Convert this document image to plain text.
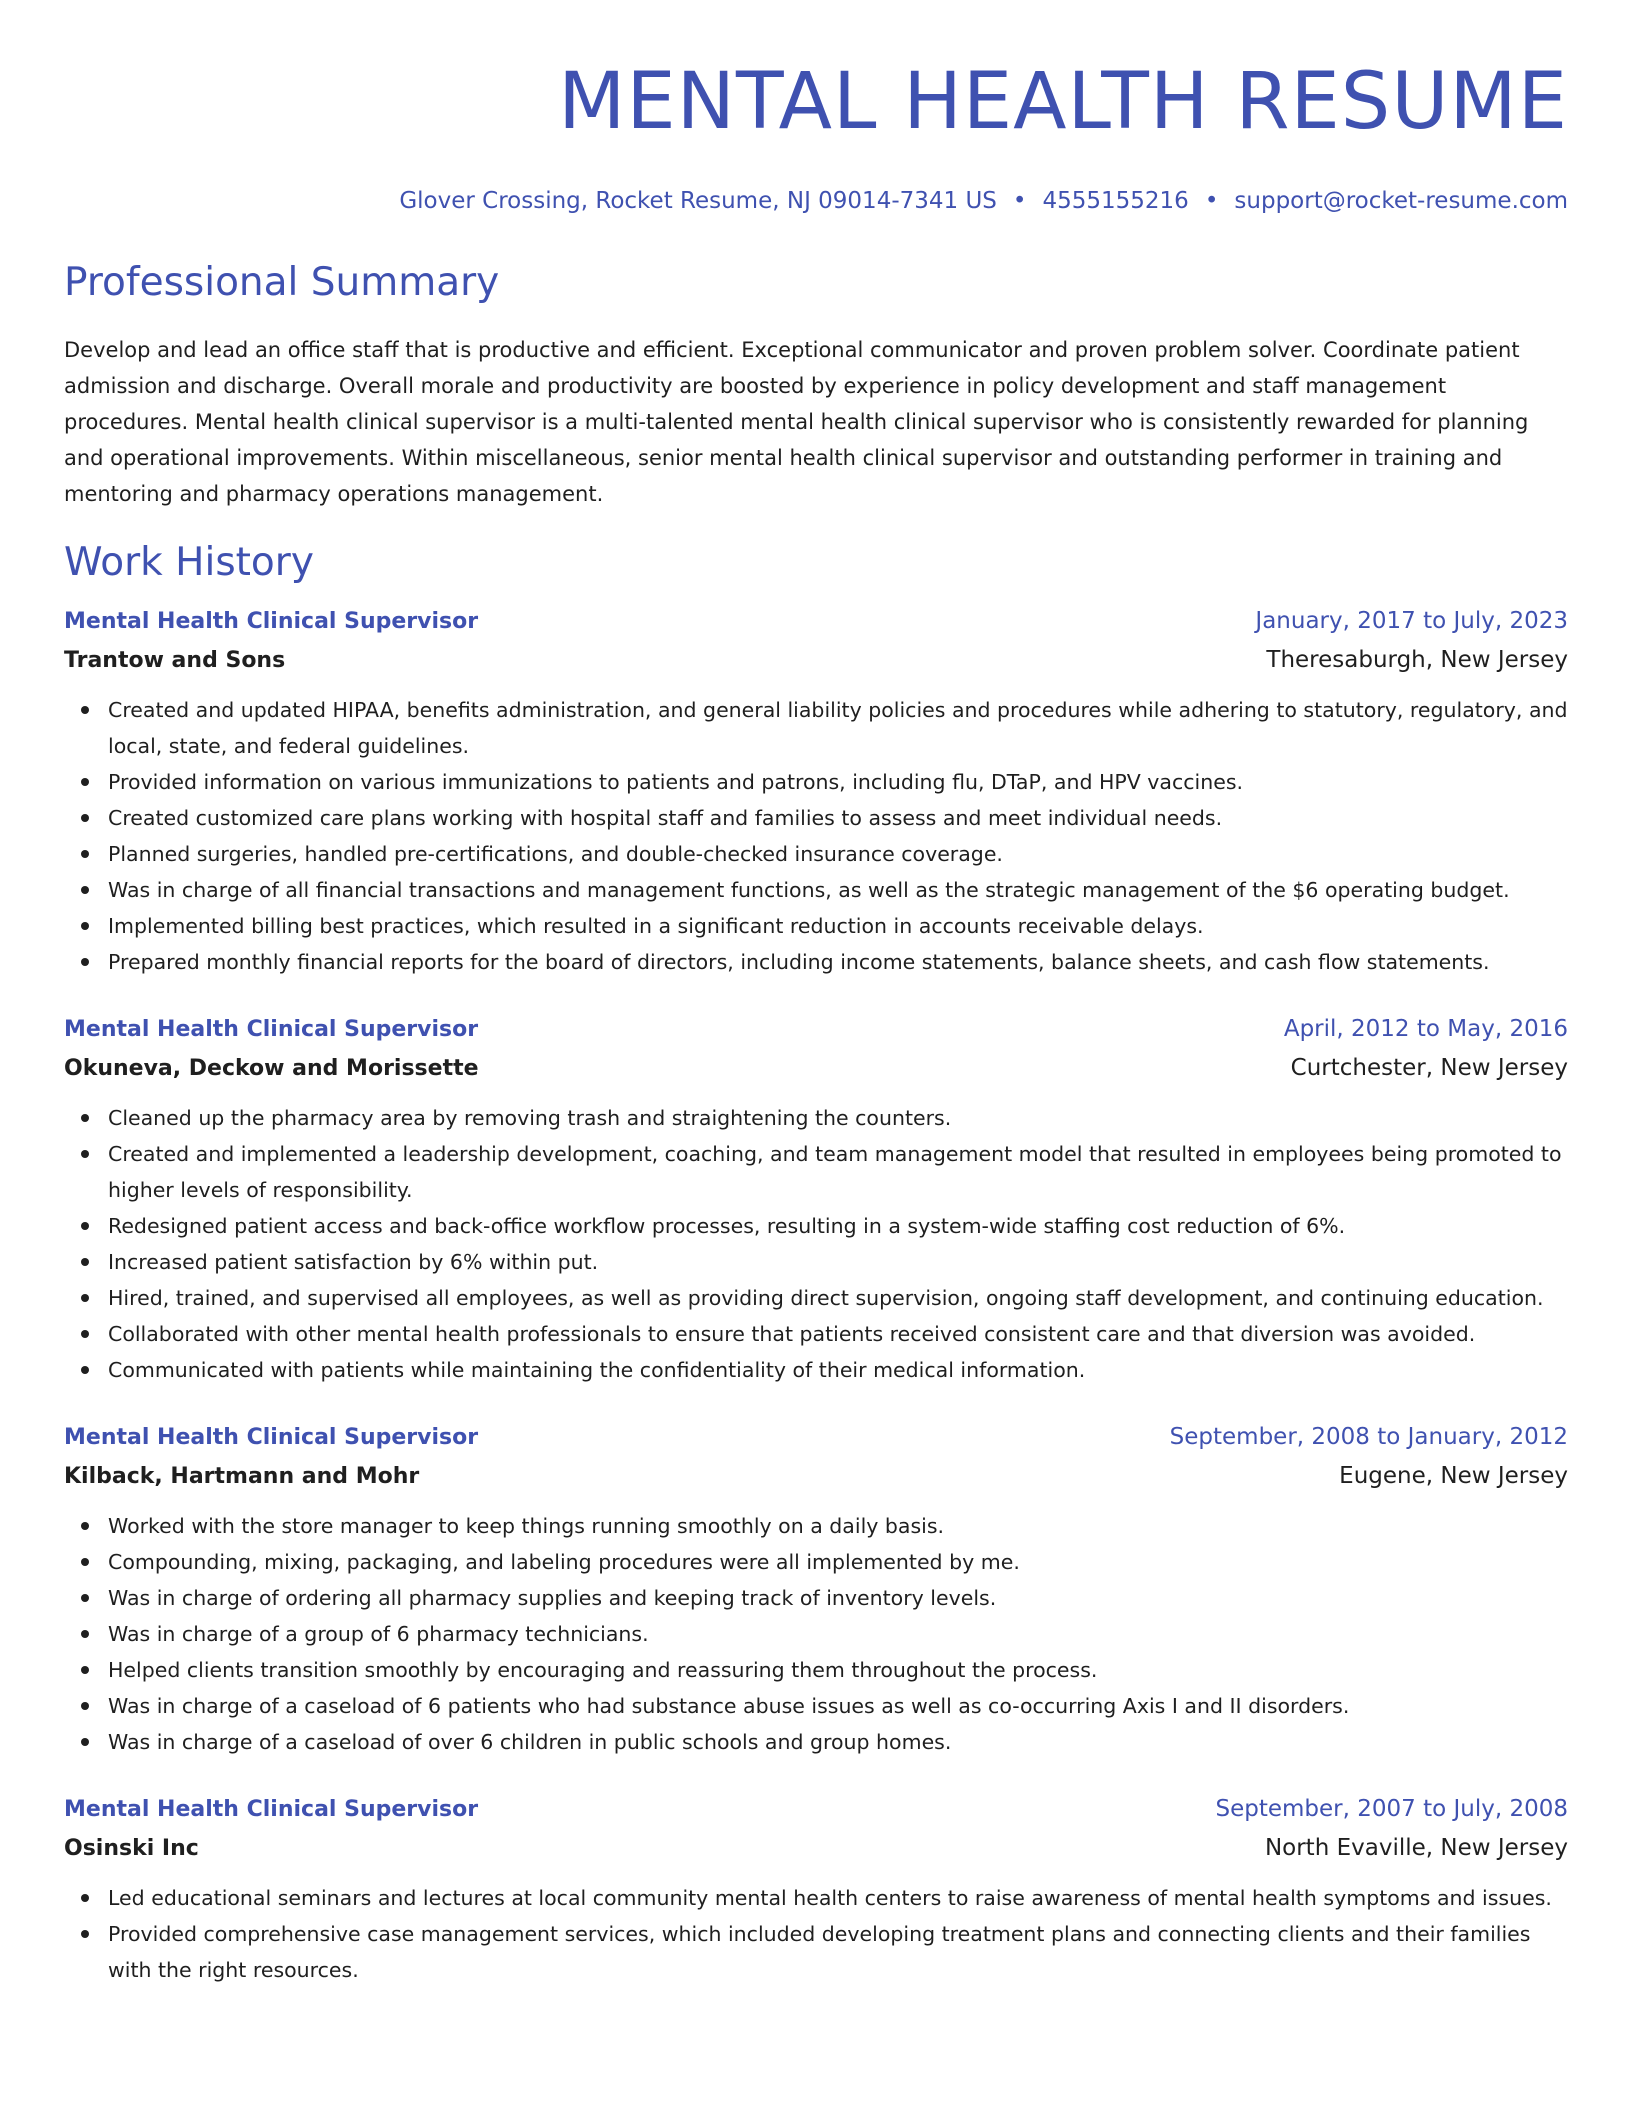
MENTAL HEALTH RESUME
Glover Crossing, Rocket Resume, NJ 09014-7341 US • 4555155216 • support@rocket-resume.com
Professional Summary
Develop and lead an office staff that is productive and efficient. Exceptional communicator and proven problem solver. Coordinate patient admission and discharge. Overall morale and productivity are boosted by experience in policy development and staff management procedures. Mental health clinical supervisor is a multi-talented mental health clinical supervisor who is consistently rewarded for planning and operational improvements. Within miscellaneous, senior mental health clinical supervisor and outstanding performer in training and mentoring and pharmacy operations management.
Work History
Mental Health Clinical Supervisor	January, 2017 to July, 2023
Trantow and Sons	Theresaburgh, New Jersey
Created and updated HIPAA, benefits administration, and general liability policies and procedures while adhering to statutory, regulatory, and local, state, and federal guidelines.
Provided information on various immunizations to patients and patrons, including flu, DTaP, and HPV vaccines.
Created customized care plans working with hospital staff and families to assess and meet individual needs.
Planned surgeries, handled pre-certifications, and double-checked insurance coverage.
Was in charge of all financial transactions and management functions, as well as the strategic management of the $6 operating budget.
Implemented billing best practices, which resulted in a significant reduction in accounts receivable delays.
Prepared monthly financial reports for the board of directors, including income statements, balance sheets, and cash flow statements.
Mental Health Clinical Supervisor	April, 2012 to May, 2016
Okuneva, Deckow and Morissette	Curtchester, New Jersey
Cleaned up the pharmacy area by removing trash and straightening the counters.
Created and implemented a leadership development, coaching, and team management model that resulted in employees being promoted to higher levels of responsibility.
Redesigned patient access and back-office workflow processes, resulting in a system-wide staffing cost reduction of 6%.
Increased patient satisfaction by 6% within put.
Hired, trained, and supervised all employees, as well as providing direct supervision, ongoing staff development, and continuing education.
Collaborated with other mental health professionals to ensure that patients received consistent care and that diversion was avoided.
Communicated with patients while maintaining the confidentiality of their medical information.
Mental Health Clinical Supervisor	September, 2008 to January, 2012
Kilback, Hartmann and Mohr	Eugene, New Jersey
Worked with the store manager to keep things running smoothly on a daily basis.
Compounding, mixing, packaging, and labeling procedures were all implemented by me.
Was in charge of ordering all pharmacy supplies and keeping track of inventory levels.
Was in charge of a group of 6 pharmacy technicians.
Helped clients transition smoothly by encouraging and reassuring them throughout the process.
Was in charge of a caseload of 6 patients who had substance abuse issues as well as co-occurring Axis I and II disorders.
Was in charge of a caseload of over 6 children in public schools and group homes.
Mental Health Clinical Supervisor	September, 2007 to July, 2008
Osinski Inc	North Evaville, New Jersey
Led educational seminars and lectures at local community mental health centers to raise awareness of mental health symptoms and issues.
Provided comprehensive case management services, which included developing treatment plans and connecting clients and their families with the right resources.
